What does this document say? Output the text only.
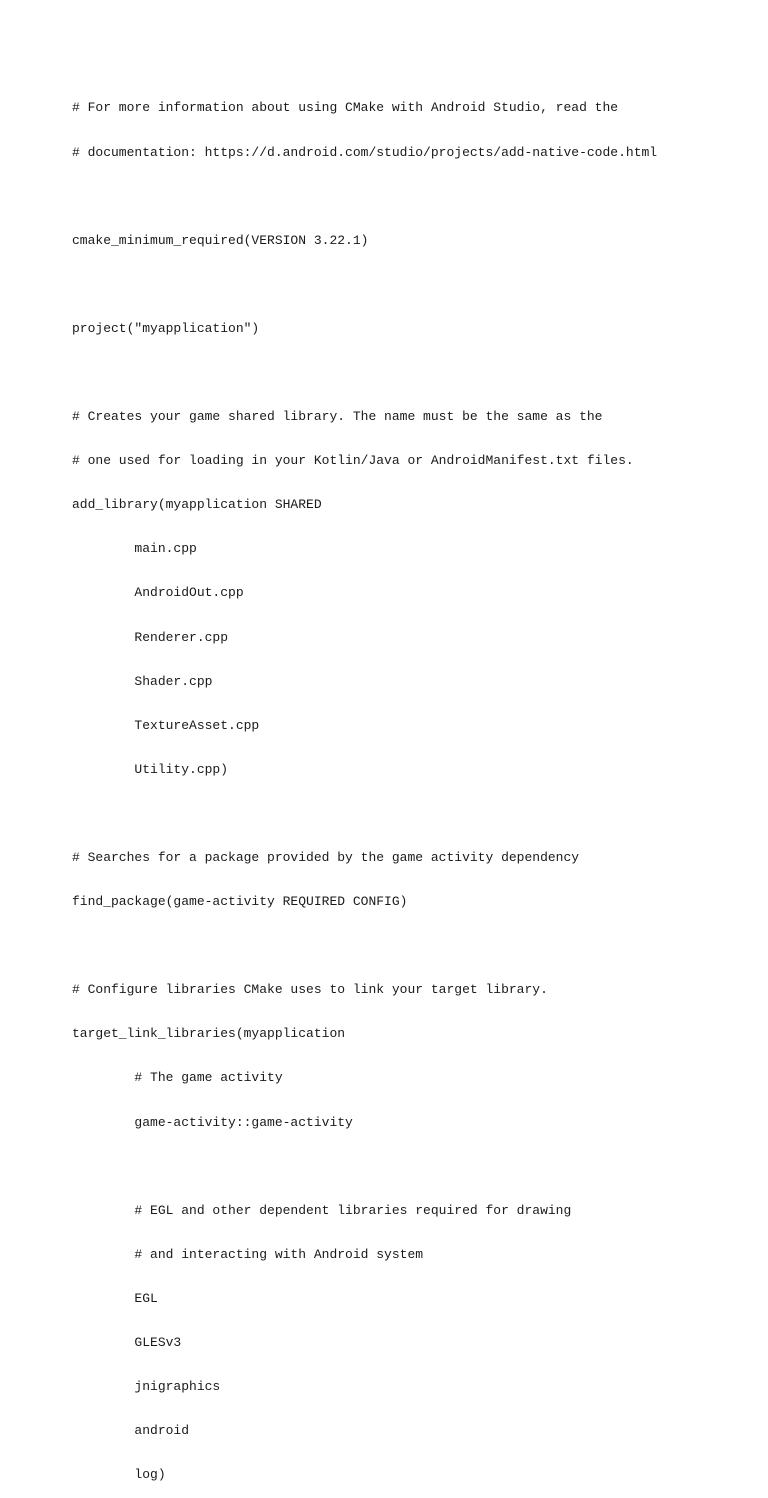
# For more information about using CMake with Android Studio, read the

# documentation: https://d.android.com/studio/projects/add-native-code.html

cmake_minimum_required(VERSION 3.22.1)

project("myapplication")

# Creates your game shared library. The name must be the same as the

# one used for loading in your Kotlin/Java or AndroidManifest.txt files.

add_library(myapplication SHARED

main.cpp

AndroidOut.cpp

Renderer.cpp

Shader.cpp

TextureAsset.cpp

Utility.cpp)

# Searches for a package provided by the game activity dependency

find_package(game-activity REQUIRED CONFIG)

# Configure libraries CMake uses to link your target library.

target_link_libraries(myapplication

# The game activity

game-activity::game-activity

# EGL and other dependent libraries required for drawing

# and interacting with Android system

EGL

GLESv3

jnigraphics

android

log)
